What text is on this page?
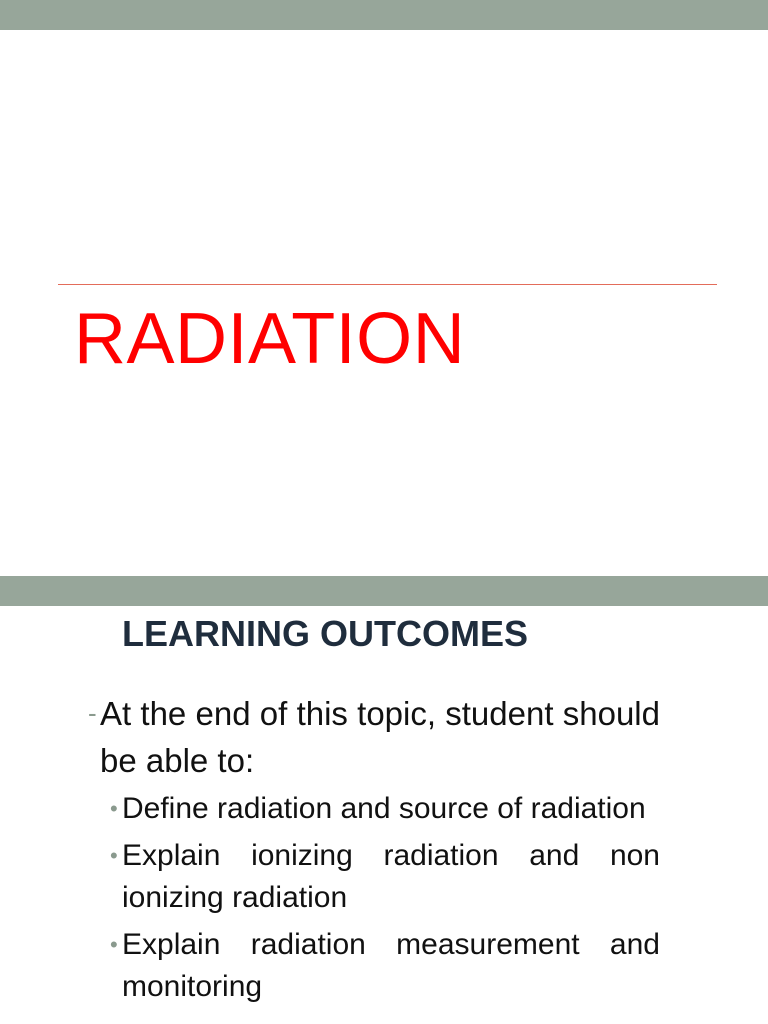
RADIATION
LEARNING OUTCOMES

- At the end of this topic, student should be able to:

• Define radiation and source of radiation
• Explain ionizing radiation and non ionizing radiation
• Explain radiation measurement and monitoring
